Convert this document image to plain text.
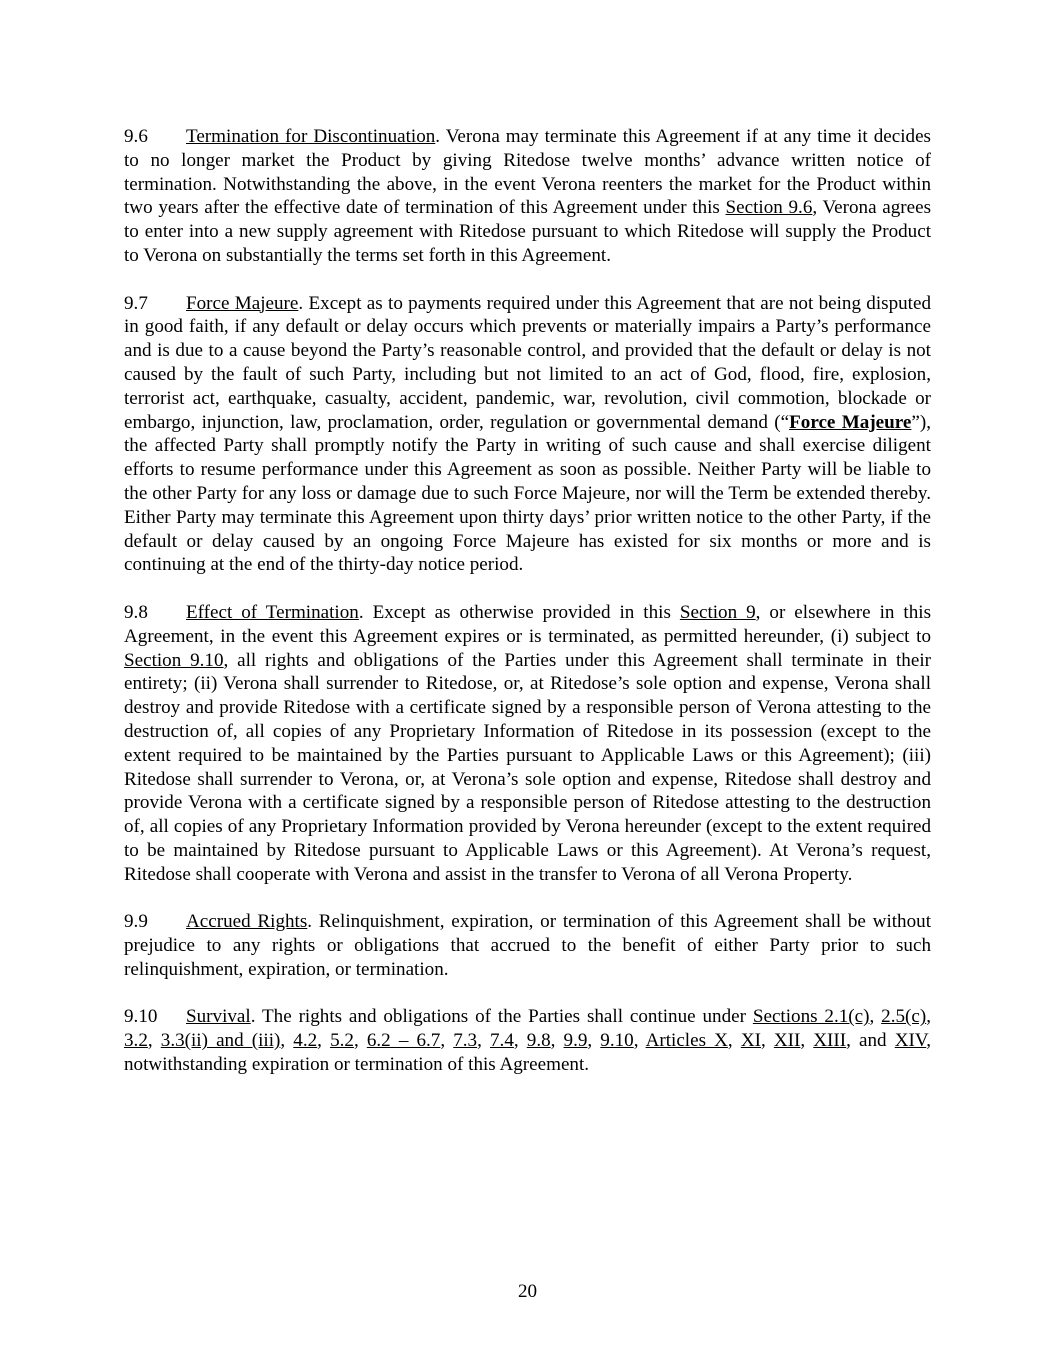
9.6 Termination for Discontinuation. Verona may terminate this Agreement if at any time it decides to no longer market the Product by giving Ritedose twelve months’ advance written notice of termination. Notwithstanding the above, in the event Verona reenters the market for the Product within two years after the effective date of termination of this Agreement under this Section 9.6, Verona agrees to enter into a new supply agreement with Ritedose pursuant to which Ritedose will supply the Product to Verona on substantially the terms set forth in this Agreement.

9.7 Force Majeure. Except as to payments required under this Agreement that are not being disputed in good faith, if any default or delay occurs which prevents or materially impairs a Party’s performance and is due to a cause beyond the Party’s reasonable control, and provided that the default or delay is not caused by the fault of such Party, including but not limited to an act of God, flood, fire, explosion, terrorist act, earthquake, casualty, accident, pandemic, war, revolution, civil commotion, blockade or embargo, injunction, law, proclamation, order, regulation or governmental demand (“Force Majeure”), the affected Party shall promptly notify the Party in writing of such cause and shall exercise diligent efforts to resume performance under this Agreement as soon as possible. Neither Party will be liable to the other Party for any loss or damage due to such Force Majeure, nor will the Term be extended thereby. Either Party may terminate this Agreement upon thirty days’ prior written notice to the other Party, if the default or delay caused by an ongoing Force Majeure has existed for six months or more and is continuing at the end of the thirty-day notice period.

9.8 Effect of Termination. Except as otherwise provided in this Section 9, or elsewhere in this Agreement, in the event this Agreement expires or is terminated, as permitted hereunder, (i) subject to Section 9.10, all rights and obligations of the Parties under this Agreement shall terminate in their entirety; (ii) Verona shall surrender to Ritedose, or, at Ritedose’s sole option and expense, Verona shall destroy and provide Ritedose with a certificate signed by a responsible person of Verona attesting to the destruction of, all copies of any Proprietary Information of Ritedose in its possession (except to the extent required to be maintained by the Parties pursuant to Applicable Laws or this Agreement); (iii) Ritedose shall surrender to Verona, or, at Verona’s sole option and expense, Ritedose shall destroy and provide Verona with a certificate signed by a responsible person of Ritedose attesting to the destruction of, all copies of any Proprietary Information provided by Verona hereunder (except to the extent required to be maintained by Ritedose pursuant to Applicable Laws or this Agreement). At Verona’s request, Ritedose shall cooperate with Verona and assist in the transfer to Verona of all Verona Property.

9.9 Accrued Rights. Relinquishment, expiration, or termination of this Agreement shall be without prejudice to any rights or obligations that accrued to the benefit of either Party prior to such relinquishment, expiration, or termination.

9.10 Survival. The rights and obligations of the Parties shall continue under Sections 2.1(c), 2.5(c), 3.2, 3.3(ii) and (iii), 4.2, 5.2, 6.2 – 6.7, 7.3, 7.4, 9.8, 9.9, 9.10, Articles X, XI, XII, XIII, and XIV, notwithstanding expiration or termination of this Agreement.

20
